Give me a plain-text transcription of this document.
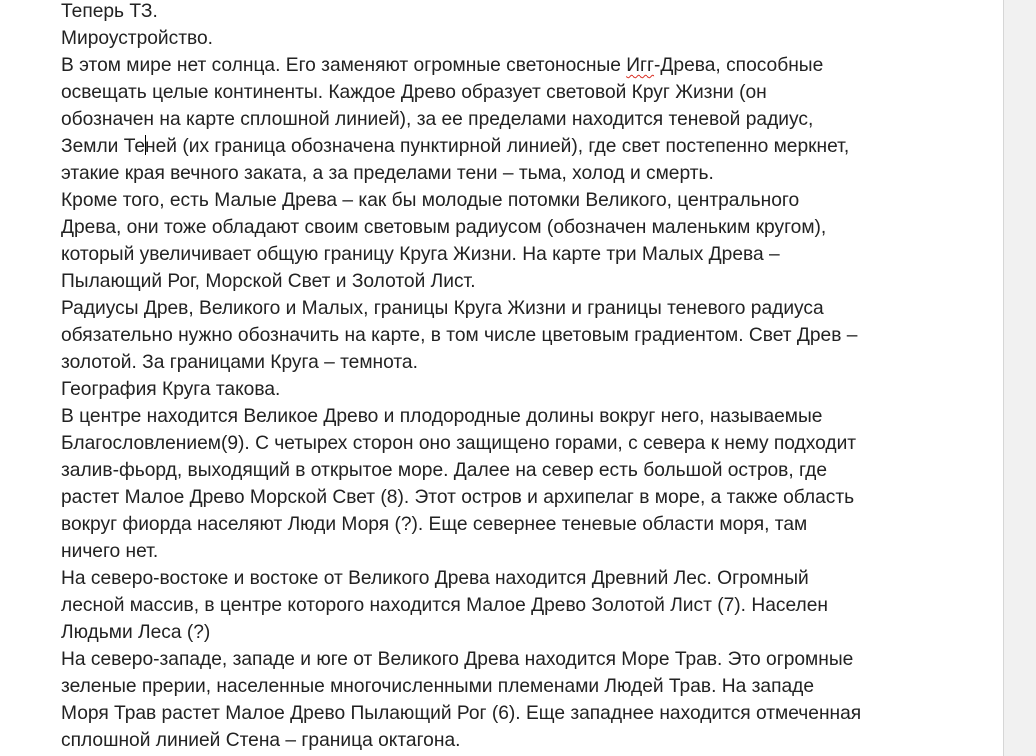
Теперь ТЗ.
Мироустройство.
В этом мире нет солнца. Его заменяют огромные светоносные Игг-Древа, способные
освещать целые континенты. Каждое Древо образует световой Круг Жизни (он
обозначен на карте сплошной линией), за ее пределами находится теневой радиус,
Земли Теней (их граница обозначена пунктирной линией), где свет постепенно меркнет,
этакие края вечного заката, а за пределами тени – тьма, холод и смерть.
Кроме того, есть Малые Древа – как бы молодые потомки Великого, центрального
Древа, они тоже обладают своим световым радиусом (обозначен маленьким кругом),
который увеличивает общую границу Круга Жизни. На карте три Малых Древа –
Пылающий Рог, Морской Свет и Золотой Лист.
Радиусы Древ, Великого и Малых, границы Круга Жизни и границы теневого радиуса
обязательно нужно обозначить на карте, в том числе цветовым градиентом. Свет Древ –
золотой. За границами Круга – темнота.
География Круга такова.
В центре находится Великое Древо и плодородные долины вокруг него, называемые
Благословлением(9). С четырех сторон оно защищено горами, с севера к нему подходит
залив-фьорд, выходящий в открытое море. Далее на север есть большой остров, где
растет Малое Древо Морской Свет (8). Этот остров и архипелаг в море, а также область
вокруг фиорда населяют Люди Моря (?). Еще севернее теневые области моря, там
ничего нет.
На северо-востоке и востоке от Великого Древа находится Древний Лес. Огромный
лесной массив, в центре которого находится Малое Древо Золотой Лист (7). Населен
Людьми Леса (?)
На северо-западе, западе и юге от Великого Древа находится Море Трав. Это огромные
зеленые прерии, населенные многочисленными племенами Людей Трав. На западе
Моря Трав растет Малое Древо Пылающий Рог (6). Еще западнее находится отмеченная
сплошной линией Стена – граница октагона.
